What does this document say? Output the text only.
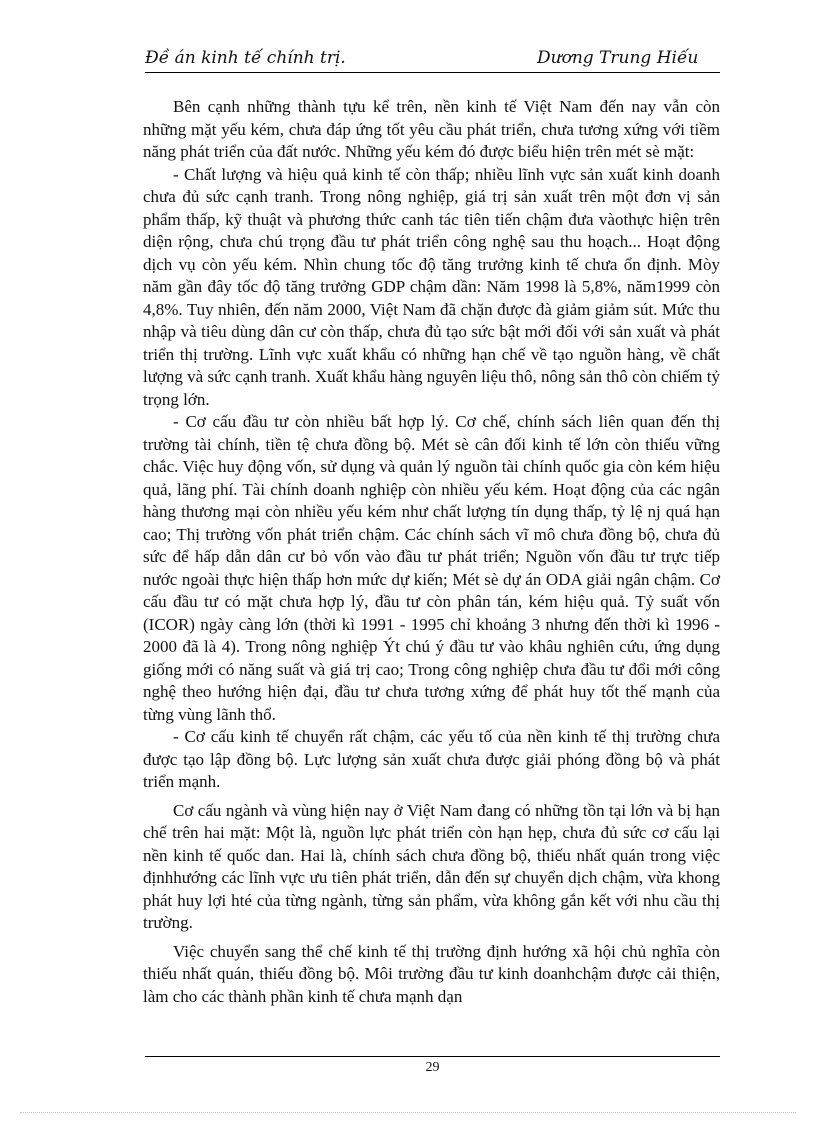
Đề án kinh tế chính trị.	Dương Trung Hiếu

Bên cạnh những thành tựu kể trên, nền kinh tế Việt Nam đến nay vẫn còn những mặt yếu kém, chưa đáp ứng tốt yêu cầu phát triển, chưa tương xứng với tiềm năng phát triển của đất nước. Những yếu kém đó được biểu hiện trên mét sè mặt:

- Chất lượng và hiệu quả kinh tế còn thấp; nhiều lĩnh vực sản xuất kinh doanh chưa đủ sức cạnh tranh. Trong nông nghiệp, giá trị sản xuất trên một đơn vị sản phẩm thấp, kỹ thuật và phương thức canh tác tiên tiến chậm đưa vàothực hiện trên diện rộng, chưa chú trọng đầu tư phát triển công nghệ sau thu hoạch... Hoạt động dịch vụ còn yếu kém. Nhìn chung tốc độ tăng trưởng kinh tế chưa ổn định. Mòy năm gần đây tốc độ tăng trưởng GDP chậm dần: Năm 1998 là 5,8%, năm1999 còn 4,8%. Tuy nhiên, đến năm 2000, Việt Nam đã chặn được đà giảm giảm sút. Mức thu nhập và tiêu dùng dân cư còn thấp, chưa đủ tạo sức bật mới đối với sản xuất và phát triển thị trường. Lĩnh vực xuất khẩu có những hạn chế về tạo nguồn hàng, về chất lượng và sức cạnh tranh. Xuất khẩu hàng nguyên liệu thô, nông sản thô còn chiếm tỷ trọng lớn.

- Cơ cấu đầu tư còn nhiều bất hợp lý. Cơ chế, chính sách liên quan đến thị trường tài chính, tiền tệ chưa đồng bộ. Mét sè cân đối kinh tế lớn còn thiếu vững chắc. Việc huy động vốn, sử dụng và quản lý nguồn tài chính quốc gia còn kém hiệu quả, lãng phí. Tài chính doanh nghiệp còn nhiều yếu kém. Hoạt động của các ngân hàng thương mại còn nhiều yếu kém như chất lượng tín dụng thấp, tỷ lệ nj quá hạn cao; Thị trường vốn phát triển chậm. Các chính sách vĩ mô chưa đồng bộ, chưa đủ sức để hấp dẫn dân cư bỏ vốn vào đầu tư phát triển; Nguồn vốn đầu tư trực tiếp nước ngoài thực hiện thấp hơn mức dự kiến; Mét sè dự án ODA giải ngân chậm. Cơ cấu đầu tư có mặt chưa hợp lý, đầu tư còn phân tán, kém hiệu quả. Tỷ suất vốn (ICOR) ngày càng lớn (thời kì 1991 - 1995 chỉ khoảng 3 nhưng đến thời kì 1996 - 2000 đã là 4). Trong nông nghiệp Ýt chú ý đầu tư vào khâu nghiên cứu, ứng dụng giống mới có năng suất và giá trị cao; Trong công nghiệp chưa đầu tư đổi mới công nghệ theo hướng hiện đại, đầu tư chưa tương xứng để phát huy tốt thế mạnh của từng vùng lãnh thổ.

- Cơ cấu kinh tế chuyển rất chậm, các yếu tố của nền kinh tế thị trường chưa được tạo lập đồng bộ. Lực lượng sản xuất chưa được giải phóng đồng bộ và phát triển mạnh.

Cơ cấu ngành và vùng hiện nay ở Việt Nam đang có những tồn tại lớn và bị hạn chế trên hai mặt: Một là, nguồn lực phát triển còn hạn hẹp, chưa đủ sức cơ cấu lại nền kinh tế quốc dan. Hai là, chính sách chưa đồng bộ, thiếu nhất quán trong việc địnhhướng các lĩnh vực ưu tiên phát triển, dẫn đến sự chuyển dịch chậm, vừa khong phát huy lợi hté của từng ngành, từng sản phẩm, vừa không gắn kết với nhu cầu thị trường.

Việc chuyển sang thể chế kinh tế thị trường định hướng xã hội chủ nghĩa còn thiếu nhất quán, thiếu đồng bộ. Môi trường đầu tư kinh doanhchậm được cải thiện, làm cho các thành phần kinh tế chưa mạnh dạn

29
